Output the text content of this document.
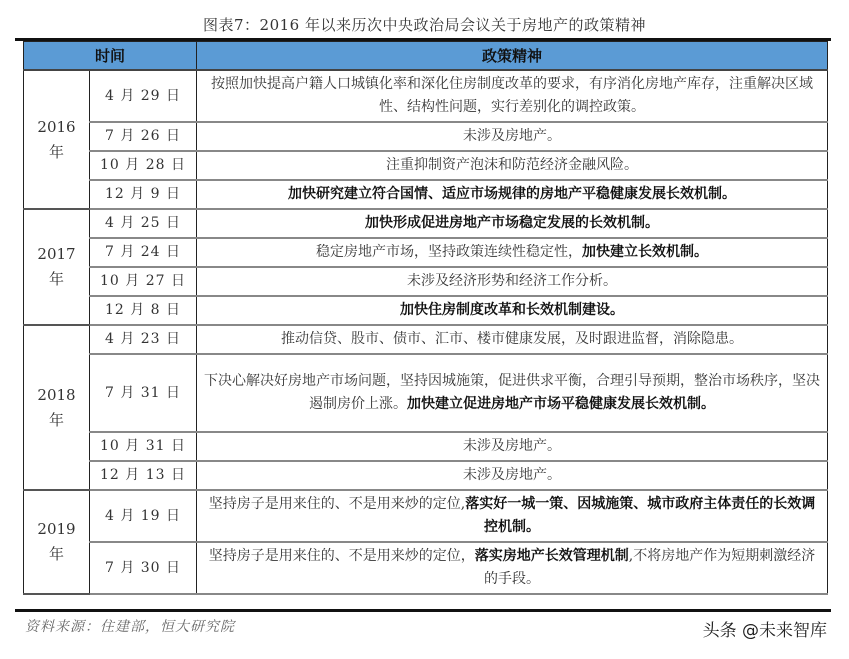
图表7：2016 年以来历次中央政治局会议关于房地产的政策精神
时间		政策精神

2016
年	4 月 29 日	按照加快提高户籍人口城镇化率和深化住房制度改革的要求，有序消化房地产库存，注重解决区域性、结构性问题，实行差别化的调控政策。
	7 月 26 日	未涉及房地产。
	10 月 28 日	注重抑制资产泡沫和防范经济金融风险。
	12 月 9 日	加快研究建立符合国情、适应市场规律的房地产平稳健康发展长效机制。

2017
年	4 月 25 日	加快形成促进房地产市场稳定发展的长效机制。
	7 月 24 日	稳定房地产市场，坚持政策连续性稳定性，加快建立长效机制。
	10 月 27 日	未涉及经济形势和经济工作分析。
	12 月 8 日	加快住房制度改革和长效机制建设。

2018
年	4 月 23 日	推动信贷、股市、债市、汇市、楼市健康发展，及时跟进监督，消除隐患。
	7 月 31 日	下决心解决好房地产市场问题，坚持因城施策，促进供求平衡，合理引导预期，整治市场秩序，坚决遏制房价上涨。加快建立促进房地产市场平稳健康发展长效机制。
	10 月 31 日	未涉及房地产。
	12 月 13 日	未涉及房地产。

2019
年	4 月 19 日	坚持房子是用来住的、不是用来炒的定位,落实好一城一策、因城施策、城市政府主体责任的长效调控机制。
	7 月 30 日	坚持房子是用来住的、不是用来炒的定位，落实房地产长效管理机制,不将房地产作为短期刺激经济的手段。
资料来源：住建部，恒大研究院	头条 @未来智库
